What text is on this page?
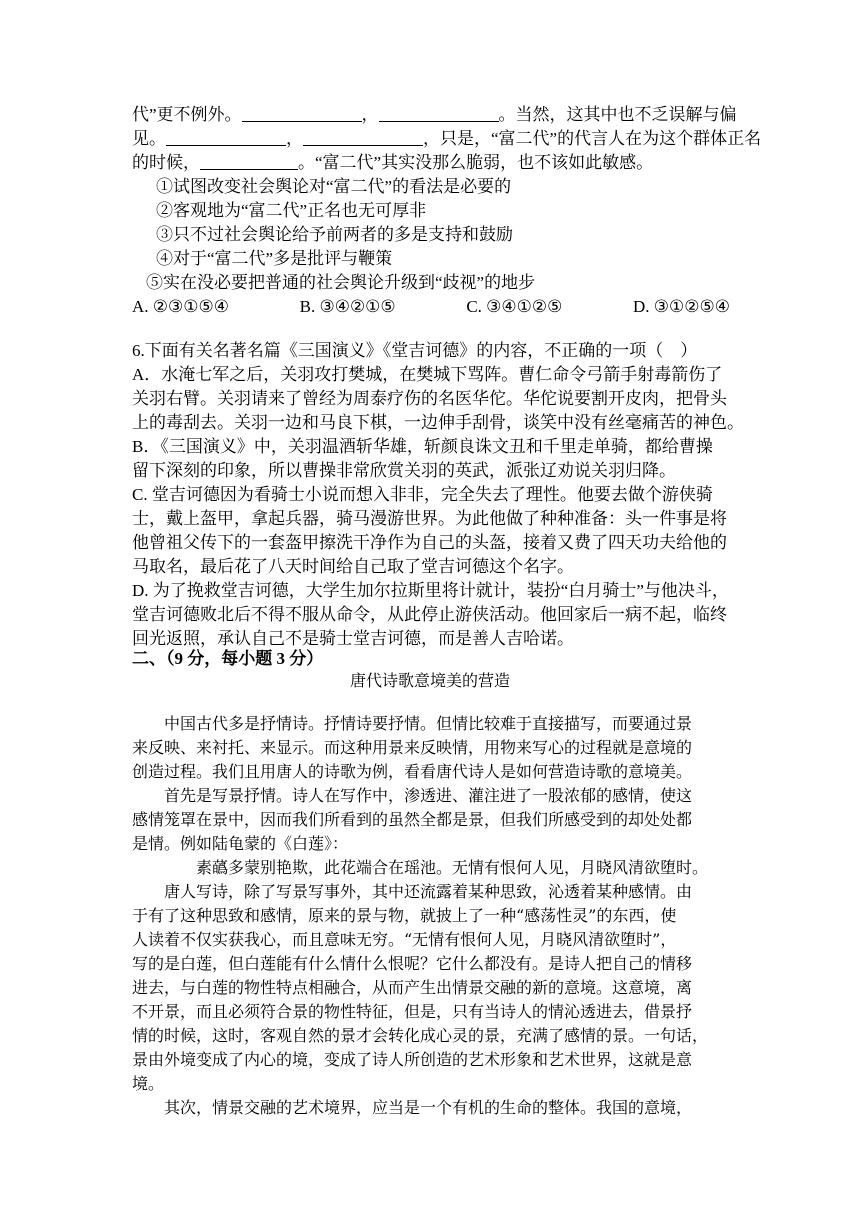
代”更不例外。	，	。当然，这其中也不乏误解与偏
见。	，	，只是，“富二代”的代言人在为这个群体正名
的时候，	。“富二代”其实没那么脆弱，也不该如此敏感。
①试图改变社会舆论对“富二代”的看法是必要的
②客观地为“富二代”正名也无可厚非
③只不过社会舆论给予前两者的多是支持和鼓励
④对于“富二代”多是批评与鞭策
⑤实在没必要把普通的社会舆论升级到“歧视”的地步
A. ②③①⑤④	B. ③④②①⑤	C. ③④①②⑤	D. ③①②⑤④
6.下面有关名著名篇《三国演义》《堂吉诃德》的内容，不正确的一项（　）
A．水淹七军之后，关羽攻打樊城，在樊城下骂阵。曹仁命令弓箭手射毒箭伤了
关羽右臂。关羽请来了曾经为周泰疗伤的名医华佗。华佗说要割开皮肉，把骨头
上的毒刮去。关羽一边和马良下棋，一边伸手刮骨，谈笑中没有丝毫痛苦的神色。
B．《三国演义》中，关羽温酒斩华雄，斩颜良诛文丑和千里走单骑，都给曹操
留下深刻的印象，所以曹操非常欣赏关羽的英武，派张辽劝说关羽归降。
C. 堂吉诃德因为看骑士小说而想入非非，完全失去了理性。他要去做个游侠骑
士，戴上盔甲，拿起兵器，骑马漫游世界。为此他做了种种准备：头一件事是将
他曾祖父传下的一套盔甲擦洗干净作为自己的头盔，接着又费了四天功夫给他的
马取名，最后花了八天时间给自己取了堂吉诃德这个名字。
D. 为了挽救堂吉诃德，大学生加尔拉斯里将计就计，装扮“白月骑士”与他决斗，
堂吉诃德败北后不得不服从命令，从此停止游侠活动。他回家后一病不起，临终
回光返照，承认自己不是骑士堂吉诃德，而是善人吉哈诺。
二、（9 分，每小题 3 分）
唐代诗歌意境美的营造
中国古代多是抒情诗。抒情诗要抒情。但情比较难于直接描写，而要通过景
来反映、来衬托、来显示。而这种用景来反映情，用物来写心的过程就是意境的
创造过程。我们且用唐人的诗歌为例，看看唐代诗人是如何营造诗歌的意境美。
首先是写景抒情。诗人在写作中，渗透进、灌注进了一股浓郁的感情，使这
感情笼罩在景中，因而我们所看到的虽然全都是景，但我们所感受到的却处处都
是情。例如陆龟蒙的《白莲》：
素蘤多蒙别艳欺，此花端合在瑶池。无情有恨何人见，月晓风清欲堕时。
唐人写诗，除了写景写事外，其中还流露着某种思致，沁透着某种感情。由
于有了这种思致和感情，原来的景与物，就披上了一种“感荡性灵”的东西，使
人读着不仅实获我心，而且意味无穷。“无情有恨何人见，月晓风清欲堕时”，
写的是白莲，但白莲能有什么情什么恨呢？它什么都没有。是诗人把自己的情移
进去，与白莲的物性特点相融合，从而产生出情景交融的新的意境。这意境，离
不开景，而且必须符合景的物性特征，但是，只有当诗人的情沁透进去，借景抒
情的时候，这时，客观自然的景才会转化成心灵的景，充满了感情的景。一句话，
景由外境变成了内心的境，变成了诗人所创造的艺术形象和艺术世界，这就是意
境。
其次，情景交融的艺术境界，应当是一个有机的生命的整体。我国的意境，
